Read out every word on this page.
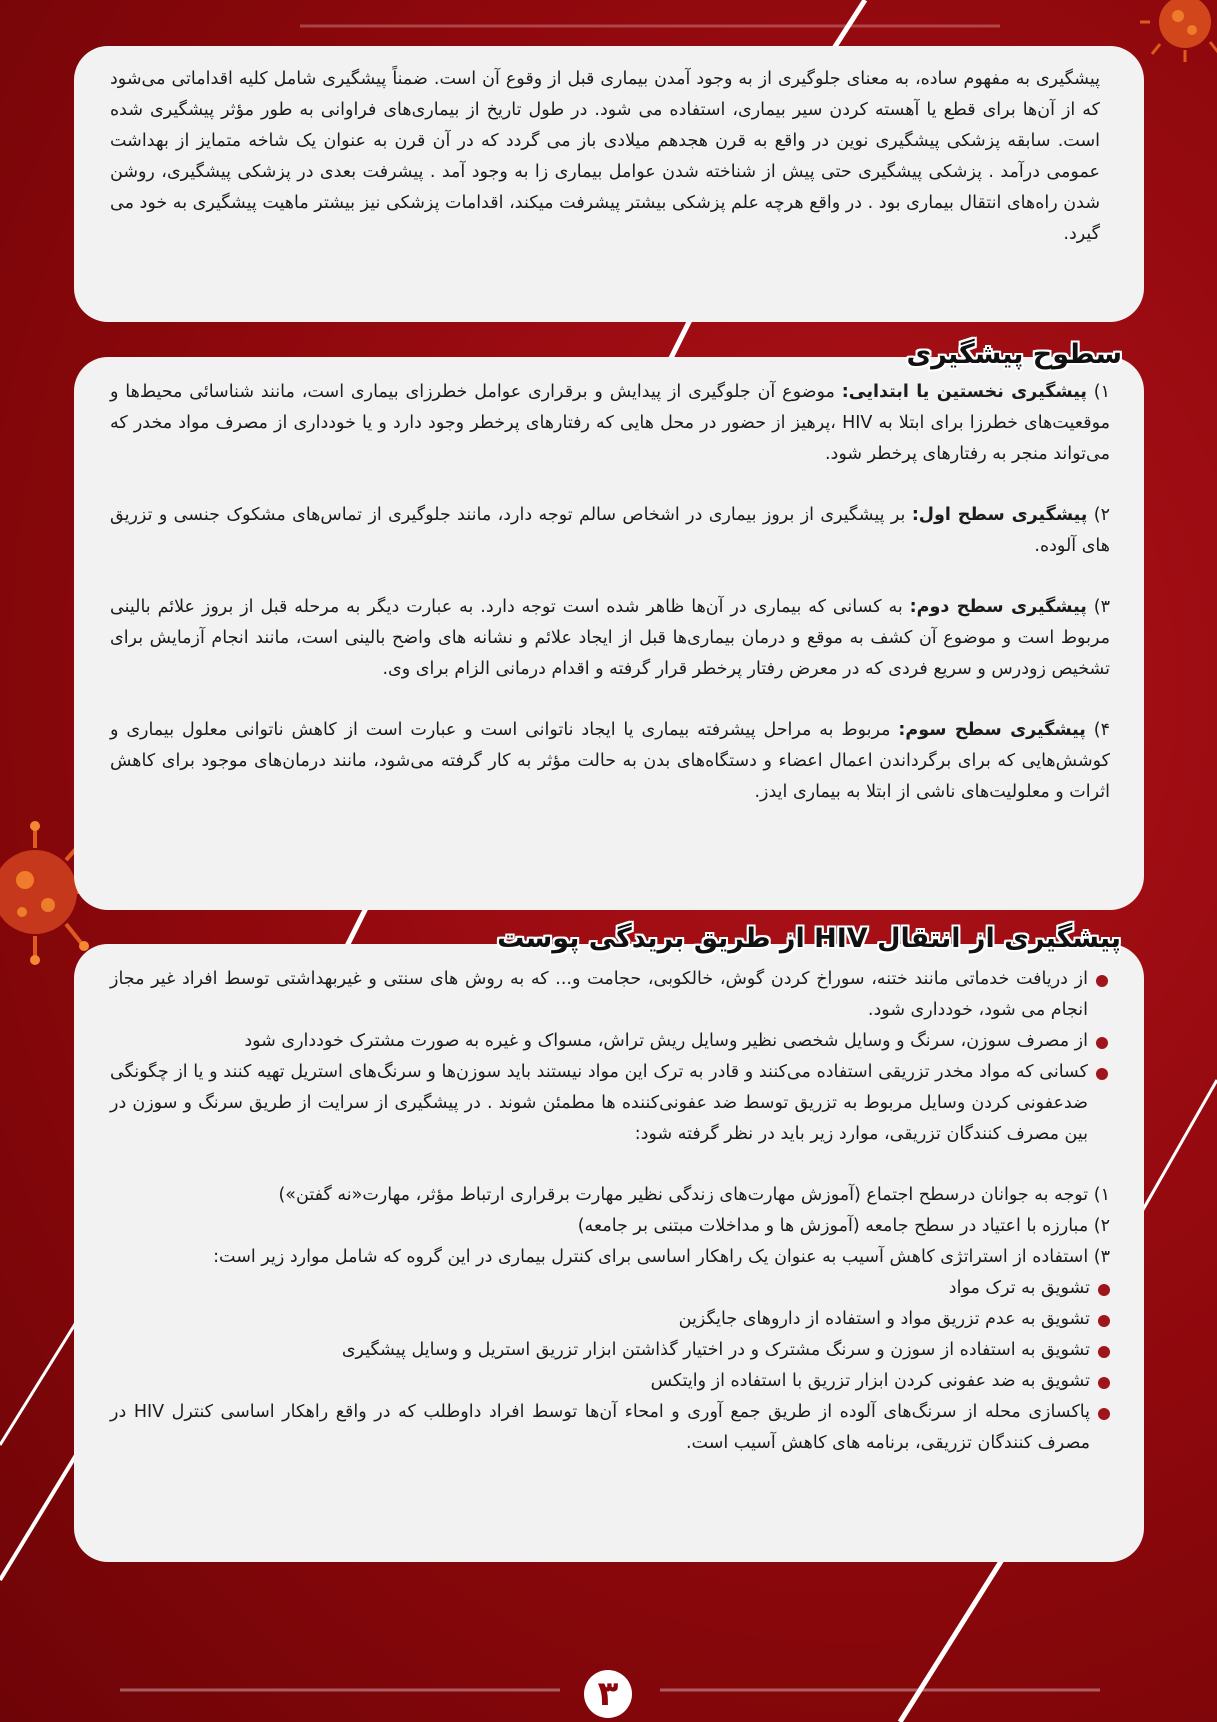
پیشگیری به مفهوم ساده، به معنای جلوگیری از به وجود آمدن بیماری قبل از وقوع آن است. ضمناً پیشگیری شامل کلیه اقداماتی می‌شود که از آن‌ها برای قطع یا آهسته کردن سیر بیماری، استفاده می شود. در طول تاریخ از بیماری‌های فراوانی به طور مؤثر پیشگیری شده است. سابقه پزشکی پیشگیری نوین در واقع به قرن هجدهم میلادی باز می گردد که در آن قرن به عنوان یک شاخه متمایز از بهداشت عمومی درآمد . پزشکی پیشگیری حتی پیش از شناخته شدن عوامل بیماری زا به وجود آمد . پیشرفت بعدی در پزشکی پیشگیری، روشن شدن راه‌های انتقال بیماری بود . در واقع هرچه علم پزشکی بیشتر پیشرفت میکند، اقدامات پزشکی نیز بیشتر ماهیت پیشگیری به خود می گیرد.

۱) پیشگیری نخستین یا ابتدایی: موضوع آن جلوگیری از پیدایش و برقراری عوامل خطرزای بیماری است، مانند شناسائی محیط‌ها و موقعیت‌های خطرزا برای ابتلا به HIV ،پرهیز از حضور در محل هایی که رفتارهای پرخطر وجود دارد و یا خودداری از مصرف مواد مخدر که می‌تواند منجر به رفتارهای پرخطر شود.

۲) پیشگیری سطح اول: بر پیشگیری از بروز بیماری در اشخاص سالم توجه دارد، مانند جلوگیری از تماس‌های مشکوک جنسی و تزریق های آلوده.

۳) پیشگیری سطح دوم: به کسانی که بیماری در آن‌ها ظاهر شده است توجه دارد. به عبارت دیگر به مرحله قبل از بروز علائم بالینی مربوط است و موضوع آن کشف به موقع و درمان بیماری‌ها قبل از ایجاد علائم و نشانه های واضح بالینی است، مانند انجام آزمایش برای تشخیص زودرس و سریع فردی که در معرض رفتار پرخطر قرار گرفته و اقدام درمانی الزام برای وی.

۴) پیشگیری سطح سوم: مربوط به مراحل پیشرفته بیماری یا ایجاد ناتوانی است و عبارت است از کاهش ناتوانی معلول بیماری و کوشش‌هایی که برای برگرداندن اعمال اعضاء و دستگاه‌های بدن به حالت مؤثر به کار گرفته می‌شود، مانند درمان‌های موجود برای کاهش اثرات و معلولیت‌های ناشی از ابتلا به بیماری ایدز.

سطوح پیشگیری
از دریافت خدماتی مانند ختنه، سوراخ کردن گوش، خالکوبی، حجامت و... که به روش های سنتی و غیربهداشتی توسط افراد غیر مجاز انجام می شود، خودداری شود.
از مصرف سوزن، سرنگ و وسایل شخصی نظیر وسایل ریش تراش، مسواک و غیره به صورت مشترک خودداری شود
کسانی که مواد مخدر تزریقی استفاده می‌کنند و قادر به ترک این مواد نیستند باید سوزن‌ها و سرنگ‌های استریل تهیه کنند و یا از چگونگی ضدعفونی کردن وسایل مربوط به تزریق توسط ضد عفونی‌کننده ها مطمئن شوند . در پیشگیری از سرایت از طریق سرنگ و سوزن در بین مصرف کنندگان تزریقی، موارد زیر باید در نظر گرفته شود:

۱) توجه به جوانان درسطح اجتماع (آموزش مهارت‌های زندگی نظیر مهارت برقراری ارتباط مؤثر، مهارت«نه گفتن»)

۲) مبارزه با اعتیاد در سطح جامعه (آموزش ها و مداخلات مبتنی بر جامعه)

۳) استفاده از استراتژی کاهش آسیب به عنوان یک راهکار اساسی برای کنترل بیماری در این گروه که شامل موارد زیر است:

تشویق به ترک مواد
تشویق به عدم تزریق مواد و استفاده از داروهای جایگزین
تشویق به استفاده از سوزن و سرنگ مشترک و در اختیار گذاشتن ابزار تزریق استریل و وسایل پیشگیری
تشویق به ضد عفونی کردن ابزار تزریق با استفاده از وایتکس
پاکسازی محله از سرنگ‌های آلوده از طریق جمع آوری و امحاء آن‌ها توسط افراد داوطلب که در واقع راهکار اساسی کنترل HIV در مصرف کنندگان تزریقی، برنامه های کاهش آسیب است.
پیشگیری از انتقال HIV از طریق بریدگی پوست
۳
